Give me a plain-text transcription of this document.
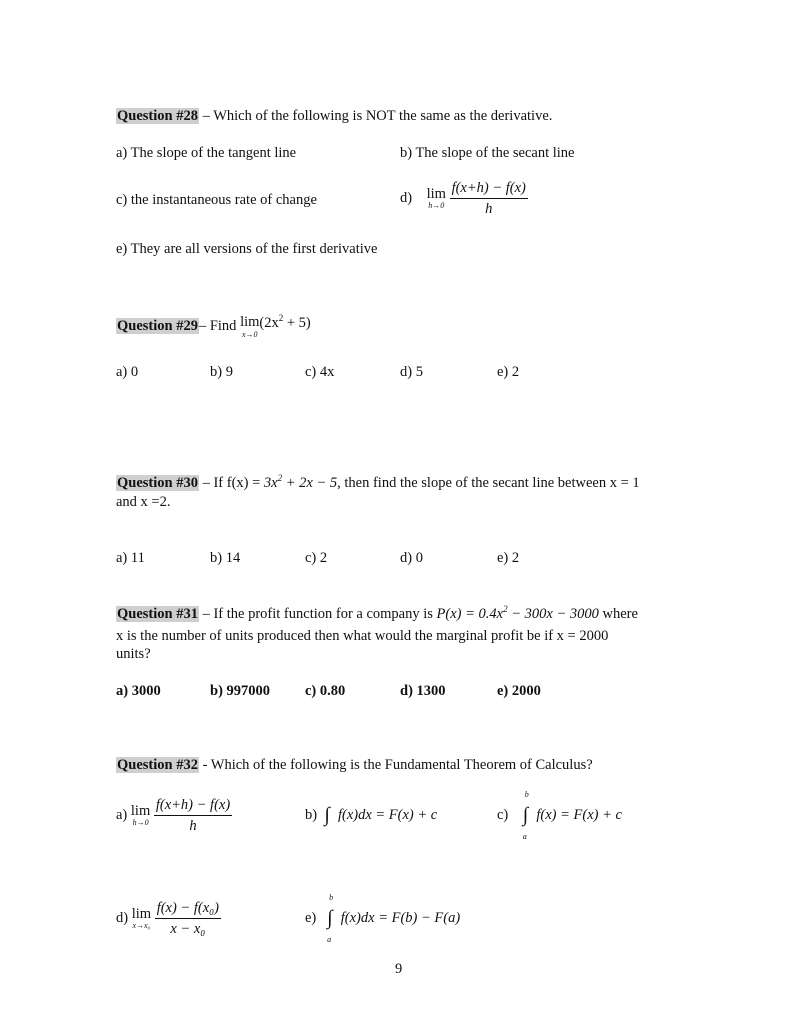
Question #28 – Which of the following is NOT the same as the derivative.
a) The slope of the tangent line	b) The slope of the secant line
c) the instantaneous rate of change	d) lim
h→0
$\frac{f(x+h) - f(x)}{h}$
e) They are all versions of the first derivative
Question #29– Find lim
x→0
$(2x^2 + 5)$
a) 0	b) 9	c) 4x	d) 5	e) 2
Question #30 – If $f(x) = 3x^2 + 2x - 5$, then find the slope of the secant line between x = 1
and x =2.
a) 11	b) 14	c) 2	d) 0	e) 2
Question #31 – If the profit function for a company is $P(x) = 0.4x^2 - 300x - 3000$ where
x is the number of units produced then what would the marginal profit be if x = 2000
units?
a) 3000	b) 997000 c) 0.80	d) 1300	e) 2000
Question #32 - Which of the following is the Fundamental Theorem of Calculus?
a) lim
h→0
$\frac{f(x+h) - f(x)}{h}$	b) ∫ f(x)dx = F(x) + c	c) ∫
b
a
f(x) = F(x) + c
d) lim
x→x₀
$\frac{\text{f(x) − f(x₀)}}{\text{x − x₀}}$	e) ∫
b
a
f(x)dx = F(b) − F(a)
9
